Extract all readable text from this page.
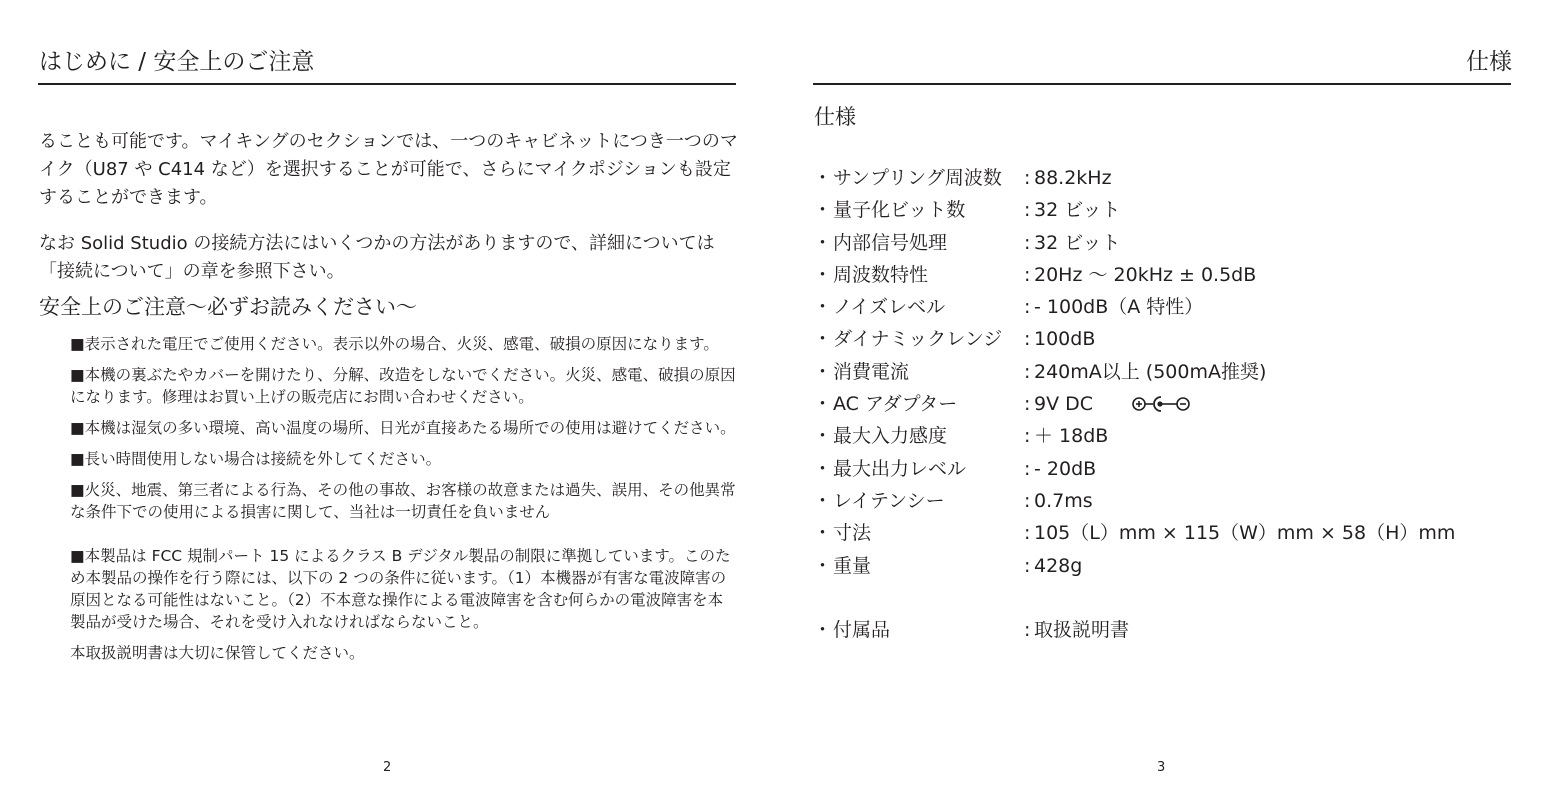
はじめに / 安全上のご注意

ることも可能です。マイキングのセクションでは、一つのキャビネットにつき一つのマイク（U87 や C414 など）を選択することが可能で、さらにマイクポジションも設定することができます。

なお Solid Studio の接続方法にはいくつかの方法がありますので、詳細については「接続について」の章を参照下さい。

安全上のご注意～必ずお読みください～

■表示された電圧でご使用ください。表示以外の場合、火災、感電、破損の原因になります。

■本機の裏ぶたやカバーを開けたり、分解、改造をしないでください。火災、感電、破損の原因になります。修理はお買い上げの販売店にお問い合わせください。

■本機は湿気の多い環境、高い温度の場所、日光が直接あたる場所での使用は避けてください。

■長い時間使用しない場合は接続を外してください。

■火災、地震、第三者による行為、その他の事故、お客様の故意または過失、誤用、その他異常な条件下での使用による損害に関して、当社は一切責任を負いません

■本製品は FCC 規制パート 15 によるクラス B デジタル製品の制限に準拠しています。このため本製品の操作を行う際には、以下の 2 つの条件に従います。（1）本機器が有害な電波障害の原因となる可能性はないこと。（2）不本意な操作による電波障害を含む何らかの電波障害を本製品が受けた場合、それを受け入れなければならないこと。

本取扱説明書は大切に保管してください。

2
仕様
仕様
・ サンプリング周波数 : 88.2kHz
・ 量子化ビット数	: 32 ビット
・ 内部信号処理	: 32 ビット
・ 周波数特性	: 20Hz ～ 20kHz ± 0.5dB
・ ノイズレベル	: - 100dB（A 特性）
・ ダイナミックレンジ : 100dB
・ 消費電流	: 240mA以上 (500mA推奨)
・ AC アダプター	: 9V DC
・ 最大入力感度	: ＋ 18dB
・ 最大出力レベル	: - 20dB
・ レイテンシー	: 0.7ms
・ 寸法	: 105（L）mm × 115（W）mm × 58（H）mm
・ 重量	: 428g
・ 付属品	: 取扱説明書
3
